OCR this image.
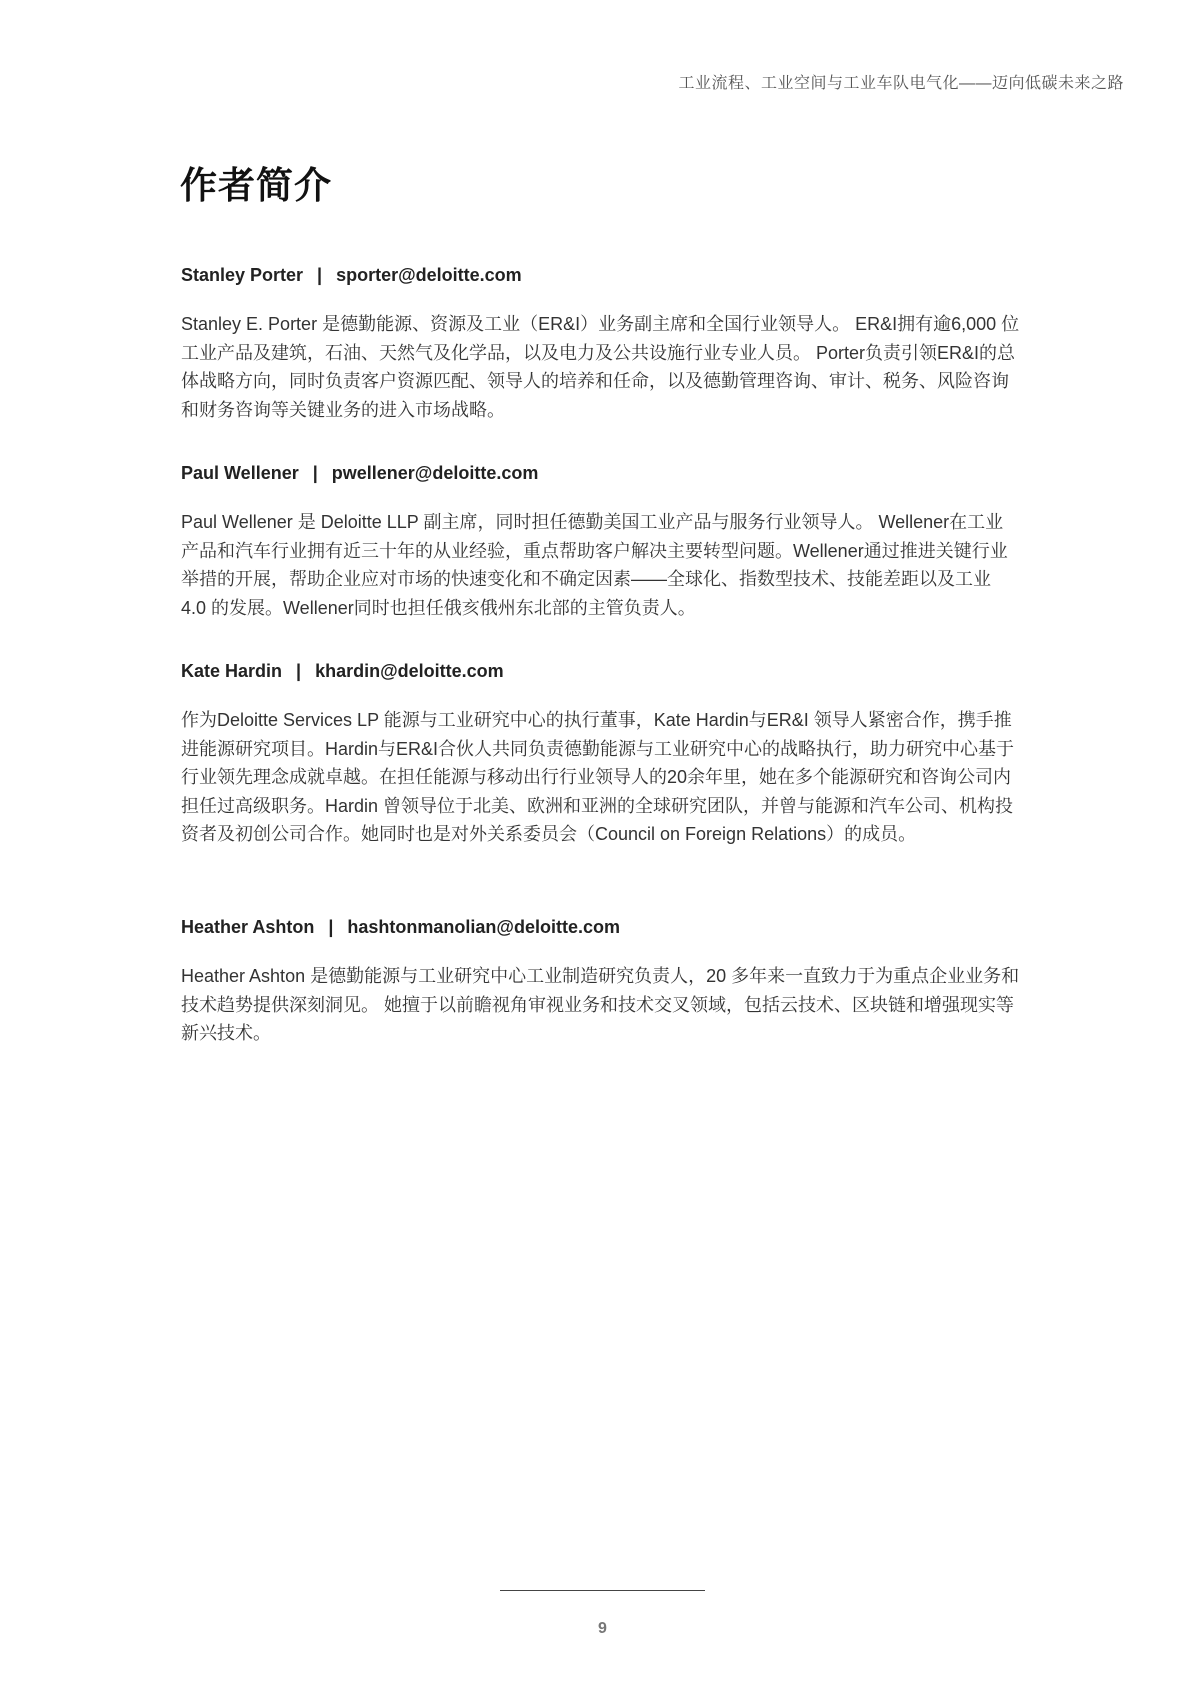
工业流程、工业空间与工业车队电气化——迈向低碳未来之路
作者简介
Stanley Porter | sporter@deloitte.com

Stanley E. Porter 是德勤能源、资源及工业（ER&I）业务副主席和全国行业领导人。 ER&I拥有逾6,000 位工业产品及建筑，石油、天然气及化学品，以及电力及公共设施行业专业人员。 Porter负责引领ER&I的总体战略方向，同时负责客户资源匹配、领导人的培养和任命，以及德勤管理咨询、审计、税务、风险咨询和财务咨询等关键业务的进入市场战略。

Paul Wellener | pwellener@deloitte.com

Paul Wellener 是 Deloitte LLP 副主席，同时担任德勤美国工业产品与服务行业领导人。 Wellener在工业产品和汽车行业拥有近三十年的从业经验，重点帮助客户解决主要转型问题。Wellener通过推进关键行业举措的开展，帮助企业应对市场的快速变化和不确定因素——全球化、指数型技术、技能差距以及工业 4.0 的发展。Wellener同时也担任俄亥俄州东北部的主管负责人。

Kate Hardin | khardin@deloitte.com

作为Deloitte Services LP 能源与工业研究中心的执行董事，Kate Hardin与ER&I 领导人紧密合作，携手推进能源研究项目。Hardin与ER&I合伙人共同负责德勤能源与工业研究中心的战略执行，助力研究中心基于行业领先理念成就卓越。在担任能源与移动出行行业领导人的20余年里，她在多个能源研究和咨询公司内担任过高级职务。Hardin 曾领导位于北美、欧洲和亚洲的全球研究团队，并曾与能源和汽车公司、机构投资者及初创公司合作。她同时也是对外关系委员会（Council on Foreign Relations）的成员。

Heather Ashton | hashtonmanolian@deloitte.com

Heather Ashton 是德勤能源与工业研究中心工业制造研究负责人，20 多年来一直致力于为重点企业业务和技术趋势提供深刻洞见。 她擅于以前瞻视角审视业务和技术交叉领域，包括云技术、区块链和增强现实等新兴技术。

9
